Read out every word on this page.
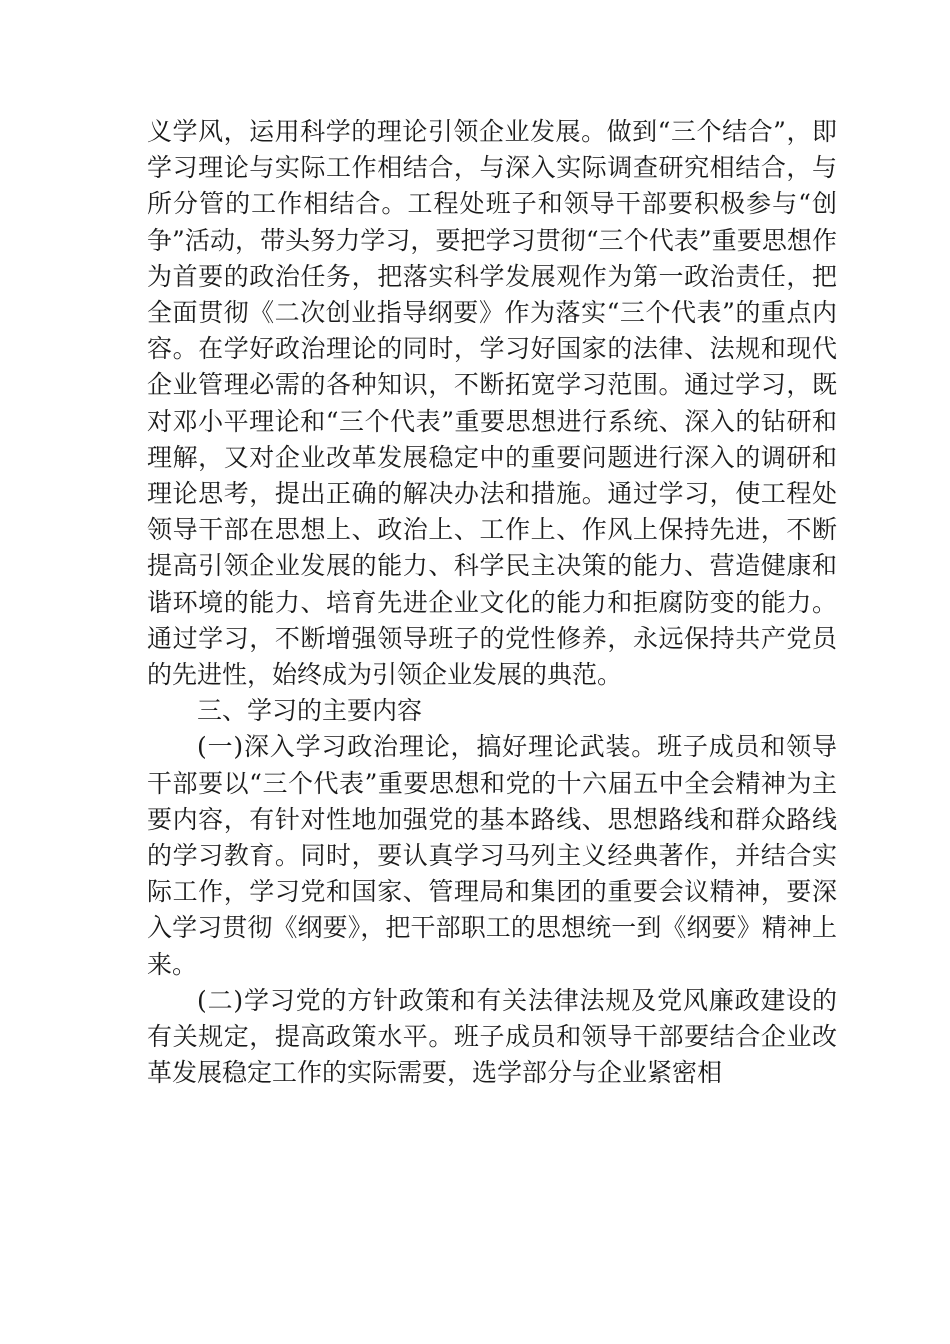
义学风，运用科学的理论引领企业发展。做到“三个结合”，即学习理论与实际工作相结合，与深入实际调查研究相结合，与所分管的工作相结合。工程处班子和领导干部要积极参与“创争”活动，带头努力学习，要把学习贯彻“三个代表”重要思想作为首要的政治任务，把落实科学发展观作为第一政治责任，把全面贯彻《二次创业指导纲要》作为落实“三个代表”的重点内容。在学好政治理论的同时，学习好国家的法律、法规和现代企业管理必需的各种知识，不断拓宽学习范围。通过学习，既对邓小平理论和“三个代表”重要思想进行系统、深入的钻研和理解，又对企业改革发展稳定中的重要问题进行深入的调研和理论思考，提出正确的解决办法和措施。通过学习，使工程处领导干部在思想上、政治上、工作上、作风上保持先进，不断提高引领企业发展的能力、科学民主决策的能力、营造健康和谐环境的能力、培育先进企业文化的能力和拒腐防变的能力。通过学习，不断增强领导班子的党性修养，永远保持共产党员的先进性，始终成为引领企业发展的典范。

三、学习的主要内容

(一)深入学习政治理论，搞好理论武装。班子成员和领导干部要以“三个代表”重要思想和党的十六届五中全会精神为主要内容，有针对性地加强党的基本路线、思想路线和群众路线的学习教育。同时，要认真学习马列主义经典著作，并结合实际工作，学习党和国家、管理局和集团的重要会议精神，要深入学习贯彻《纲要》，把干部职工的思想统一到《纲要》精神上来。

(二)学习党的方针政策和有关法律法规及党风廉政建设的有关规定，提高政策水平。班子成员和领导干部要结合企业改革发展稳定工作的实际需要，选学部分与企业紧密相
